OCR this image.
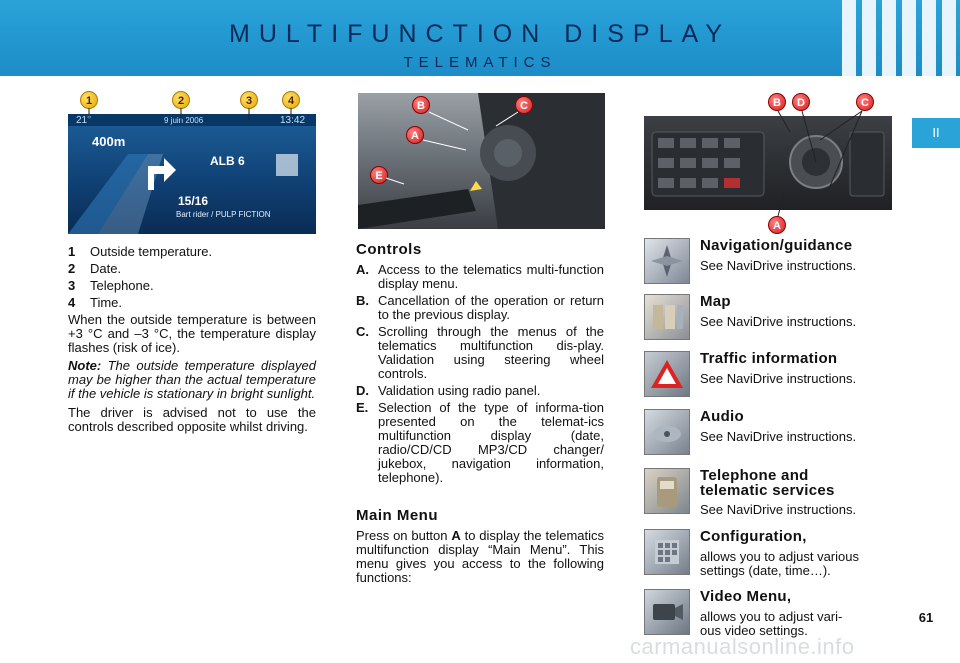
MULTIFUNCTION DISPLAY
TELEMATICS
II
21°	9 juin 2006	13:42
400m
ALB 6
15/16
Bart rider / PULP FICTION
1	2	3	4	B	C
A
E
B	D	C
A
1	Outside temperature.
2	Date.
3	Telephone.
4	Time.

When the outside temperature is between +3 °C and –3 °C, the temperature display flashes (risk of ice).

Note: The outside temperature displayed may be higher than the actual temperature if the vehicle is stationary in bright sunlight.

The driver is advised not to use the controls described opposite whilst driving.

Controls
A. Access to the telematics multi-function display menu.
B. Cancellation of the operation or return to the previous display.
C. Scrolling through the menus of the telematics multifunction dis-play. Validation using steering wheel controls.
D. Validation using radio panel.
E. Selection of the type of informa-tion presented on the telemat-ics multifunction display (date, radio/CD/CD MP3/CD changer/ jukebox, navigation information, telephone).
Main Menu

Press on button A to display the telematics multifunction display “Main Menu”. This menu gives you access to the following functions:

Navigation/guidance
See NaviDrive instructions.
Map
See NaviDrive instructions.
Traffic information
See NaviDrive instructions.
Audio
See NaviDrive instructions.
Telephone and
telematic services
See NaviDrive instructions.
Configuration,
allows you to adjust various
settings (date, time…).
Video Menu,
allows you to adjust vari-
ous video settings.
61
carmanualsonline.info
